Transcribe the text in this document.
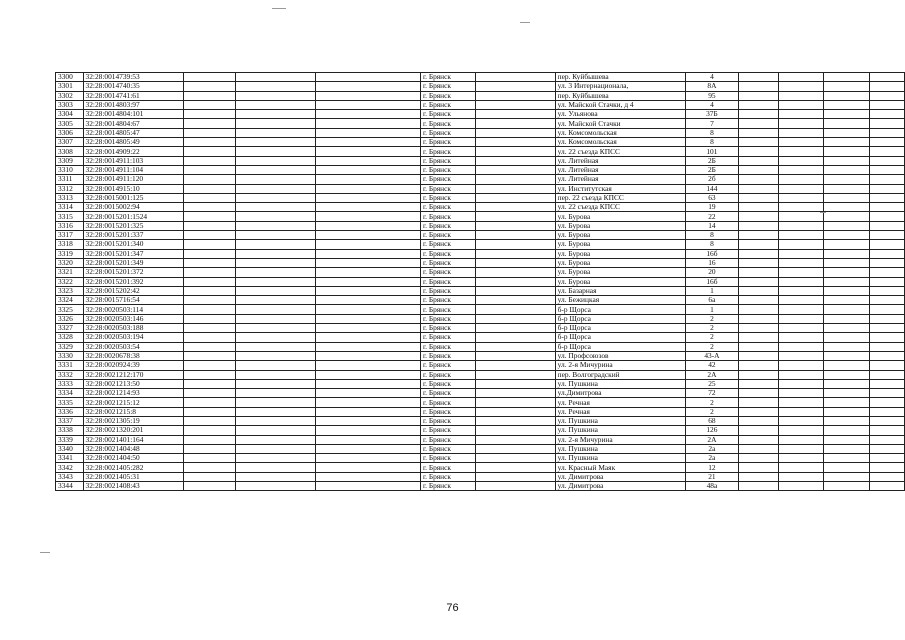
3300	32:28:0014739:53				г. Брянск		пер. Куйбышева	4				
3301	32:28:0014740:35				г. Брянск		ул. 3 Интернационала,	8А				
3302	32:28:0014741:61				г. Брянск		пер. Куйбышева	95				
3303	32:28:0014803:97				г. Брянск		ул. Майской Стачки, д 4	4				
3304	32:28:0014804:101				г. Брянск		ул. Ульянова	37Б				
3305	32:28:0014804:67				г. Брянск		ул. Майской Стачки	7				
3306	32:28:0014805:47				г. Брянск		ул. Комсомольская	8				
3307	32:28:0014805:49				г. Брянск		ул. Комсомольская	8				
3308	32:28:0014909:22				г. Брянск		ул. 22 съезда КПСС	101				
3309	32:28:0014911:103				г. Брянск		ул. Литейная	2Б				
3310	32:28:0014911:104				г. Брянск		ул. Литейная	2Б				
3311	32:28:0014911:120				г. Брянск		ул. Литейная	2б				
3312	32:28:0014915:10				г. Брянск		ул. Институтская	144				
3313	32:28:0015001:125				г. Брянск		пер. 22 съезда КПСС	63				
3314	32:28:0015002:94				г. Брянск		ул. 22 съезда КПСС	19				
3315	32:28:0015201:1524				г. Брянск		ул. Бурова	22				
3316	32:28:0015201:325				г. Брянск		ул. Бурова	14				
3317	32:28:0015201:337				г. Брянск		ул. Бурова	8				
3318	32:28:0015201:340				г. Брянск		ул. Бурова	8				
3319	32:28:0015201:347				г. Брянск		ул. Бурова	16б				
3320	32:28:0015201:349				г. Брянск		ул. Бурова	16				
3321	32:28:0015201:372				г. Брянск		ул. Бурова	20				
3322	32:28:0015201:392				г. Брянск		ул. Бурова	16б				
3323	32:28:0015202:42				г. Брянск		ул. Базарная	1				
3324	32:28:0015716:54				г. Брянск		ул. Бежицкая	6а				
3325	32:28:0020503:114				г. Брянск		б-р Щорса	1				
3326	32:28:0020503:146				г. Брянск		б-р Щорса	2				
3327	32:28:0020503:188				г. Брянск		б-р Щорса	2				
3328	32:28:0020503:194				г. Брянск		б-р Щорса	2				
3329	32:28:0020503:54				г. Брянск		б-р Щорса	2				
3330	32:28:0020678:38				г. Брянск		ул. Профсоюзов	43-А				
3331	32:28:0020924:39				г. Брянск		ул. 2-я Мичурина	42				
3332	32:28:0021212:170				г. Брянск		пер. Волгоградский	2А				
3333	32:28:0021213:50				г. Брянск		ул. Пушкина	25				
3334	32:28:0021214:93				г. Брянск		ул.Димитрова	72				
3335	32:28:0021215:12				г. Брянск		ул. Речная	2				
3336	32:28:0021215:8				г. Брянск		ул. Речная	2				
3337	32:28:0021305:19				г. Брянск		ул. Пушкина	68				
3338	32:28:0021320:201				г. Брянск		ул. Пушкина	126				
3339	32:28:0021401:164				г. Брянск		ул. 2-я Мичурина	2А				
3340	32:28:0021404:48				г. Брянск		ул. Пушкина	2а				
3341	32:28:0021404:50				г. Брянск		ул. Пушкина	2а				
3342	32:28:0021405:282				г. Брянск		ул. Красный Маяк	12				
3343	32:28:0021405:31				г. Брянск		ул. Димитрова	21				
3344	32:28:0021408:43				г. Брянск		ул. Димитрова	48а				
76
